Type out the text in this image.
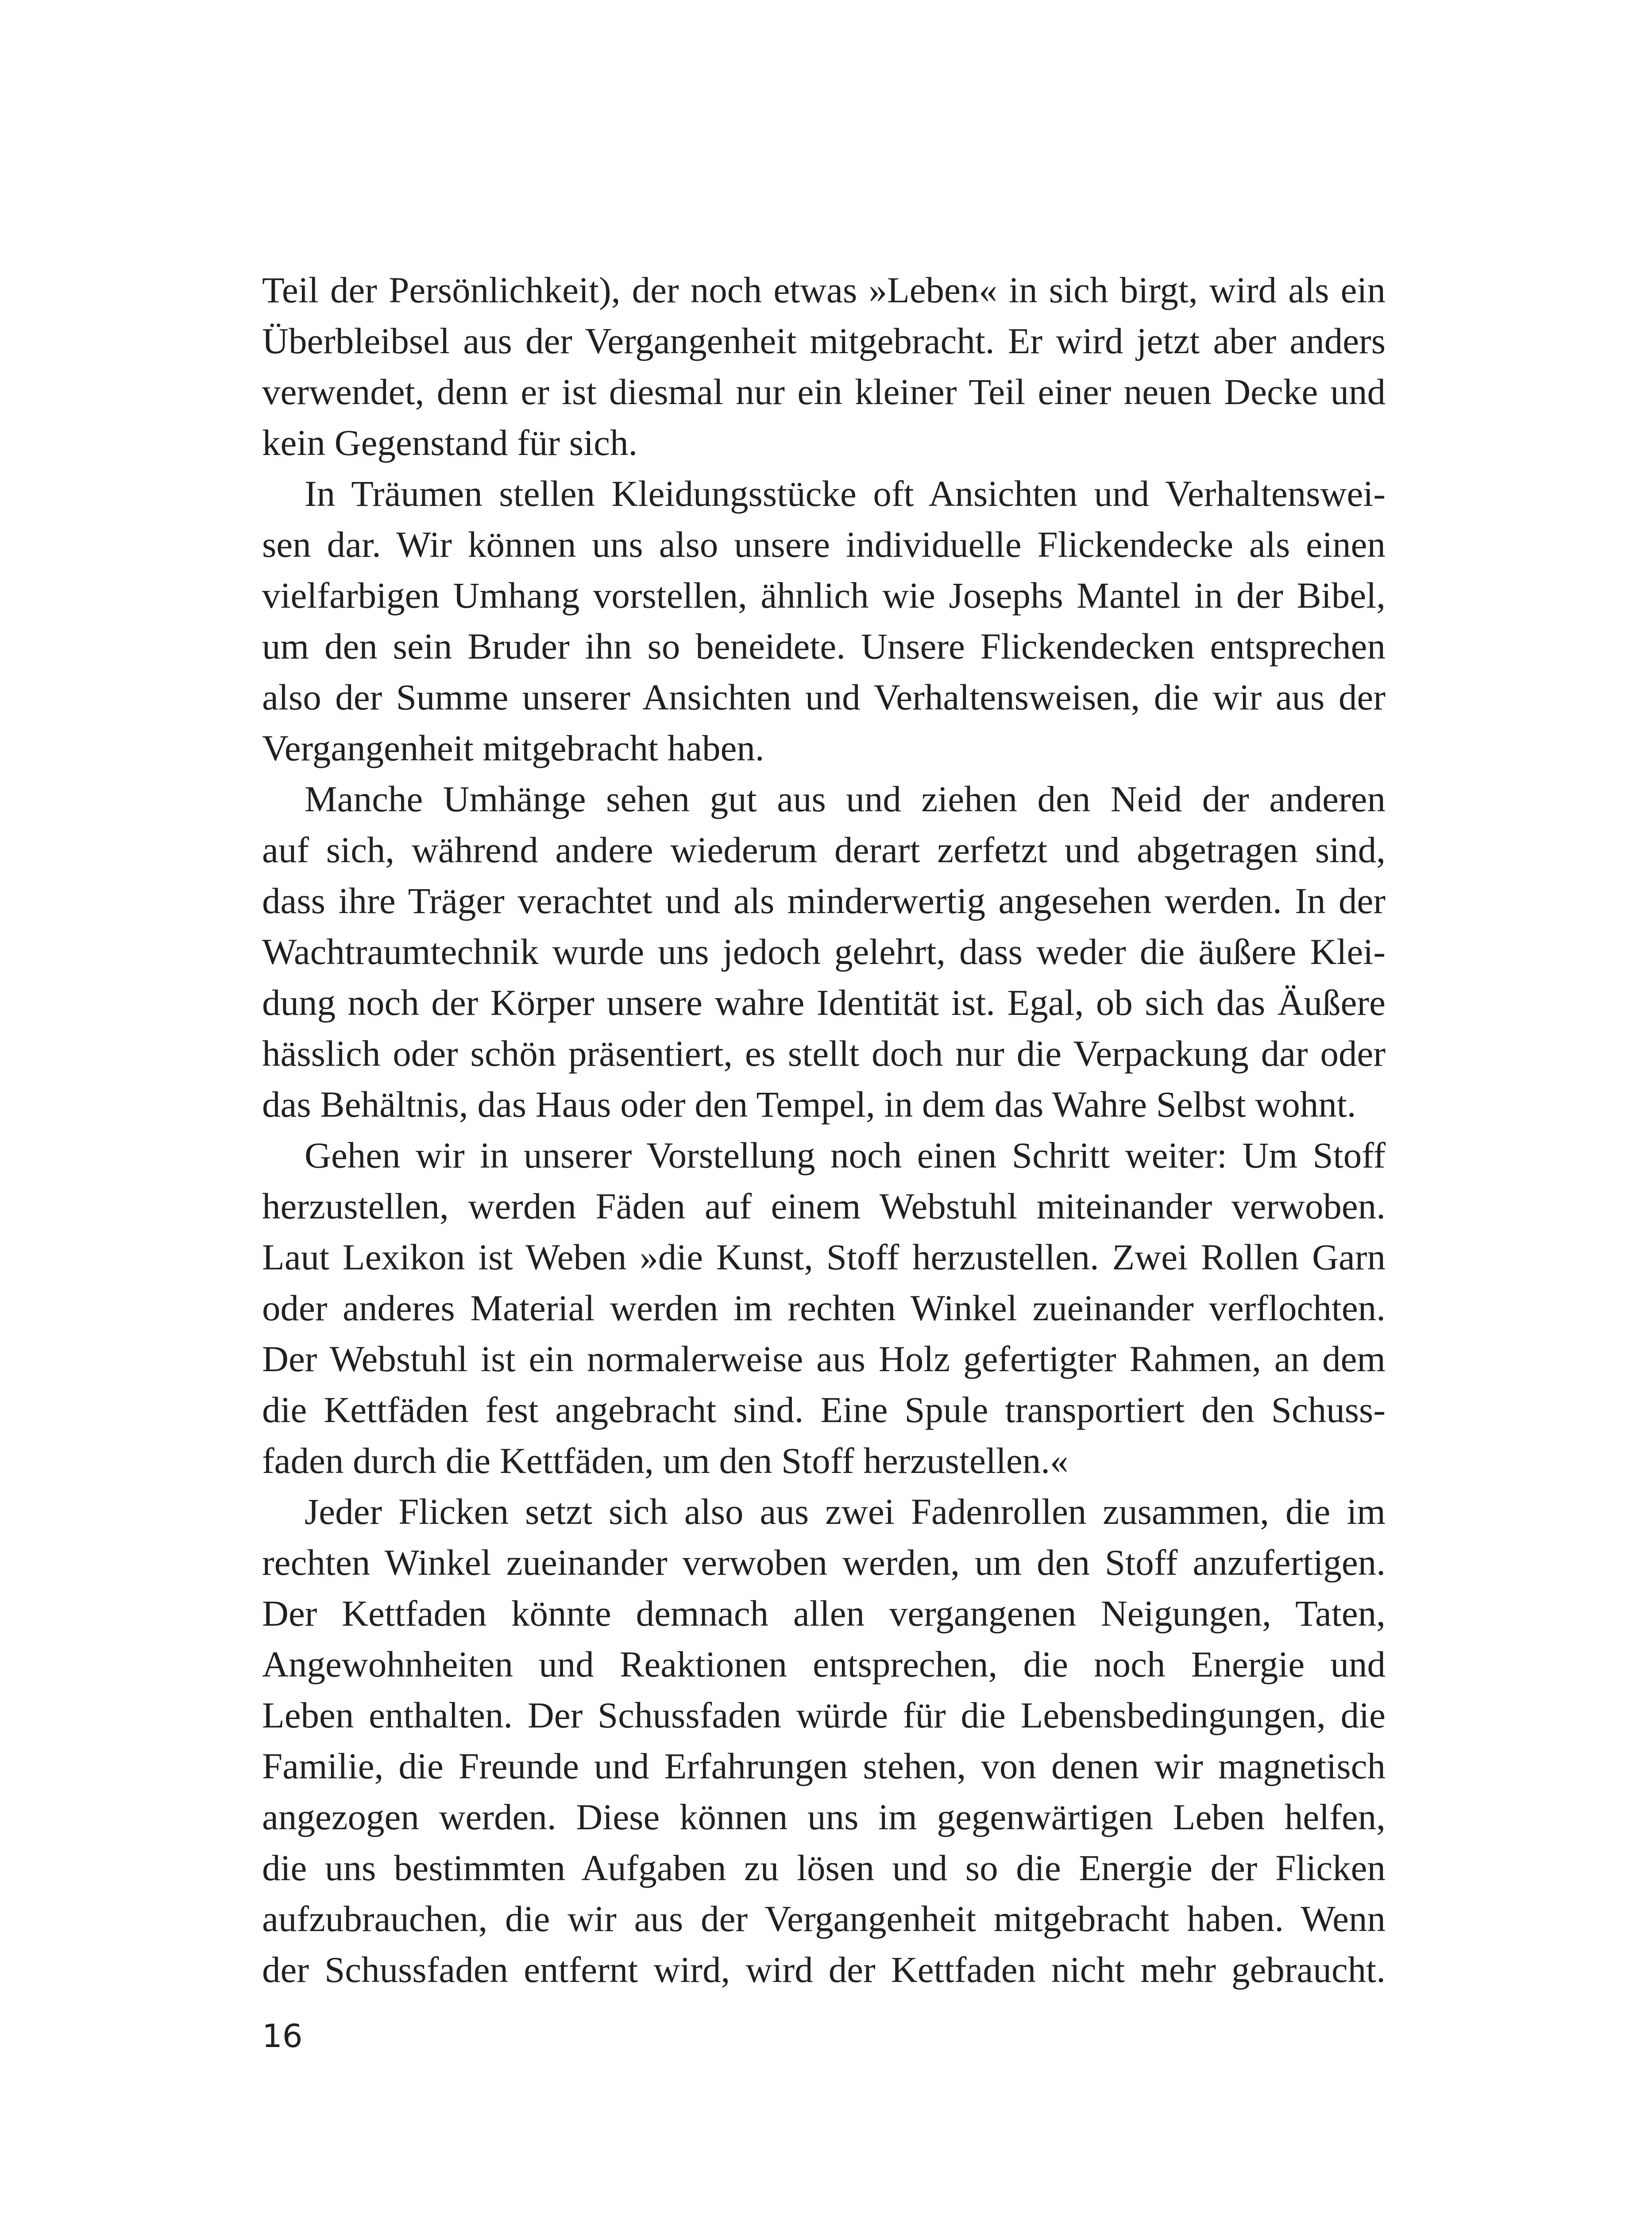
Teil der Persönlichkeit), der noch etwas »Leben« in sich birgt, wird als ein
Überbleibsel aus der Vergangenheit mitgebracht. Er wird jetzt aber anders
verwendet, denn er ist diesmal nur ein kleiner Teil einer neuen Decke und
kein Gegenstand für sich.
In Träumen stellen Kleidungsstücke oft Ansichten und Verhaltenswei-
sen dar. Wir können uns also unsere individuelle Flickendecke als einen
vielfarbigen Umhang vorstellen, ähnlich wie Josephs Mantel in der Bibel,
um den sein Bruder ihn so beneidete. Unsere Flickendecken entsprechen
also der Summe unserer Ansichten und Verhaltensweisen, die wir aus der
Vergangenheit mitgebracht haben.
Manche Umhänge sehen gut aus und ziehen den Neid der anderen
auf sich, während andere wiederum derart zerfetzt und abgetragen sind,
dass ihre Träger verachtet und als minderwertig angesehen werden. In der
Wachtraumtechnik wurde uns jedoch gelehrt, dass weder die äußere Klei-
dung noch der Körper unsere wahre Identität ist. Egal, ob sich das Äußere
hässlich oder schön präsentiert, es stellt doch nur die Verpackung dar oder
das Behältnis, das Haus oder den Tempel, in dem das Wahre Selbst wohnt.
Gehen wir in unserer Vorstellung noch einen Schritt weiter: Um Stoff
herzustellen, werden Fäden auf einem Webstuhl miteinander verwoben.
Laut Lexikon ist Weben »die Kunst, Stoff herzustellen. Zwei Rollen Garn
oder anderes Material werden im rechten Winkel zueinander verflochten.
Der Webstuhl ist ein normalerweise aus Holz gefertigter Rahmen, an dem
die Kettfäden fest angebracht sind. Eine Spule transportiert den Schuss-
faden durch die Kettfäden, um den Stoff herzustellen.«
Jeder Flicken setzt sich also aus zwei Fadenrollen zusammen, die im
rechten Winkel zueinander verwoben werden, um den Stoff anzufertigen.
Der Kettfaden könnte demnach allen vergangenen Neigungen, Taten,
Angewohnheiten und Reaktionen entsprechen, die noch Energie und
Leben enthalten. Der Schussfaden würde für die Lebensbedingungen, die
Familie, die Freunde und Erfahrungen stehen, von denen wir magnetisch
angezogen werden. Diese können uns im gegenwärtigen Leben helfen,
die uns bestimmten Aufgaben zu lösen und so die Energie der Flicken
aufzubrauchen, die wir aus der Vergangenheit mitgebracht haben. Wenn
der Schussfaden entfernt wird, wird der Kettfaden nicht mehr gebraucht.
16
